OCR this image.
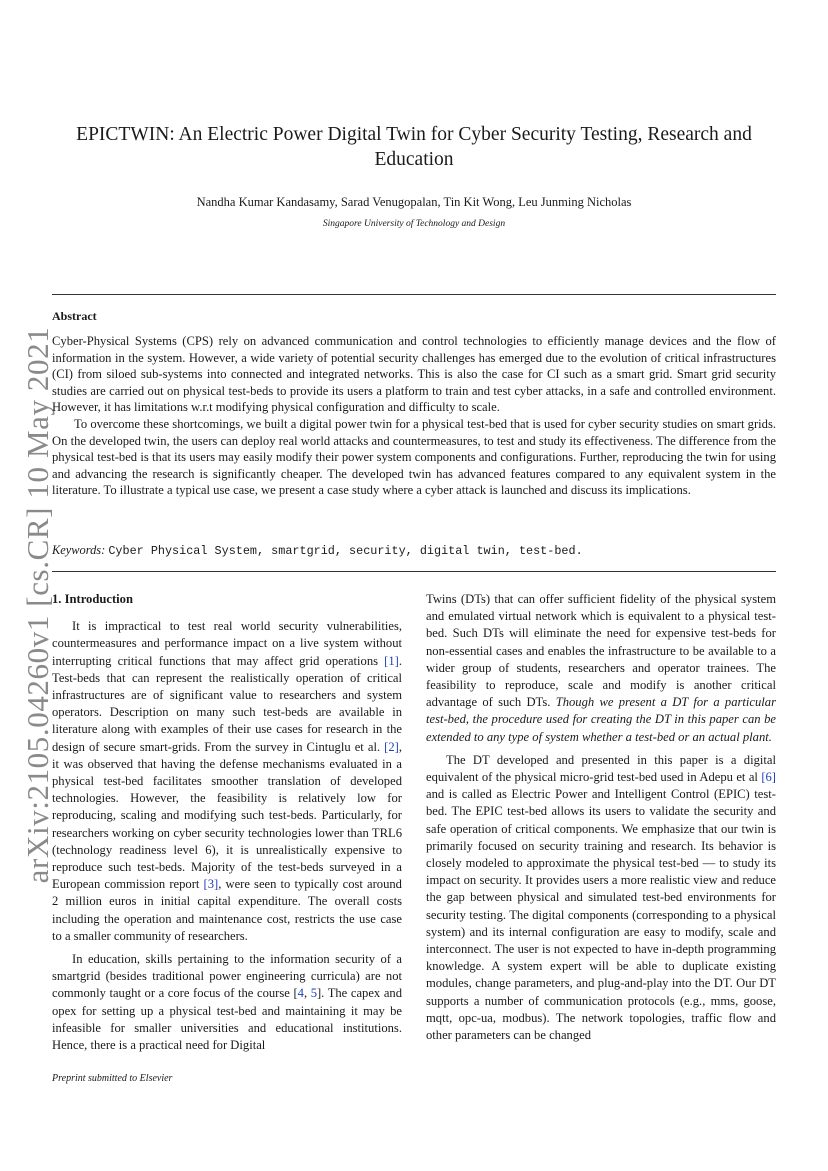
arXiv:2105.04260v1 [cs.CR] 10 May 2021
EPICTWIN: An Electric Power Digital Twin for Cyber Security Testing, Research and Education
Nandha Kumar Kandasamy, Sarad Venugopalan, Tin Kit Wong, Leu Junming Nicholas
Singapore University of Technology and Design
Abstract

Cyber-Physical Systems (CPS) rely on advanced communication and control technologies to efficiently manage devices and the flow of information in the system. However, a wide variety of potential security challenges has emerged due to the evolution of critical infrastructures (CI) from siloed sub-systems into connected and integrated networks. This is also the case for CI such as a smart grid. Smart grid security studies are carried out on physical test-beds to provide its users a platform to train and test cyber attacks, in a safe and controlled environment. However, it has limitations w.r.t modifying physical configuration and difficulty to scale.

To overcome these shortcomings, we built a digital power twin for a physical test-bed that is used for cyber security studies on smart grids. On the developed twin, the users can deploy real world attacks and countermeasures, to test and study its effectiveness. The difference from the physical test-bed is that its users may easily modify their power system components and configurations. Further, reproducing the twin for using and advancing the research is significantly cheaper. The developed twin has advanced features compared to any equivalent system in the literature. To illustrate a typical use case, we present a case study where a cyber attack is launched and discuss its implications.

Keywords: Cyber Physical System, smartgrid, security, digital twin, test-bed.

1. Introduction

It is impractical to test real world security vulnerabilities, countermeasures and performance impact on a live system without interrupting critical functions that may affect grid operations [1]. Test-beds that can represent the realistically operation of critical infrastructures are of significant value to researchers and system operators. Description on many such test-beds are available in literature along with examples of their use cases for research in the design of secure smart-grids. From the survey in Cintuglu et al. [2], it was observed that having the defense mechanisms evaluated in a physical test-bed facilitates smoother translation of developed technologies. However, the feasibility is relatively low for reproducing, scaling and modifying such test-beds. Particularly, for researchers working on cyber security technologies lower than TRL6 (technology readiness level 6), it is unrealistically expensive to reproduce such test-beds. Majority of the test-beds surveyed in a European commission report [3], were seen to typically cost around 2 million euros in initial capital expenditure. The overall costs including the operation and maintenance cost, restricts the use case to a smaller community of researchers.

In education, skills pertaining to the information security of a smartgrid (besides traditional power engineering curricula) are not commonly taught or a core focus of the course [4, 5]. The capex and opex for setting up a physical test-bed and maintaining it may be infeasible for smaller universities and educational institutions. Hence, there is a practical need for Digital

Twins (DTs) that can offer sufficient fidelity of the physical system and emulated virtual network which is equivalent to a physical test-bed. Such DTs will eliminate the need for expensive test-beds for non-essential cases and enables the infrastructure to be available to a wider group of students, researchers and operator trainees. The feasibility to reproduce, scale and modify is another critical advantage of such DTs. Though we present a DT for a particular test-bed, the procedure used for creating the DT in this paper can be extended to any type of system whether a test-bed or an actual plant.

The DT developed and presented in this paper is a digital equivalent of the physical micro-grid test-bed used in Adepu et al [6] and is called as Electric Power and Intelligent Control (EPIC) test-bed. The EPIC test-bed allows its users to validate the security and safe operation of critical components. We emphasize that our twin is primarily focused on security training and research. Its behavior is closely modeled to approximate the physical test-bed — to study its impact on security. It provides users a more realistic view and reduce the gap between physical and simulated test-bed environments for security testing. The digital components (corresponding to a physical system) and its internal configuration are easy to modify, scale and interconnect. The user is not expected to have in-depth programming knowledge. A system expert will be able to duplicate existing modules, change parameters, and plug-and-play into the DT. Our DT supports a number of communication protocols (e.g., mms, goose, mqtt, opc-ua, modbus). The network topologies, traffic flow and other parameters can be changed

Preprint submitted to Elsevier
